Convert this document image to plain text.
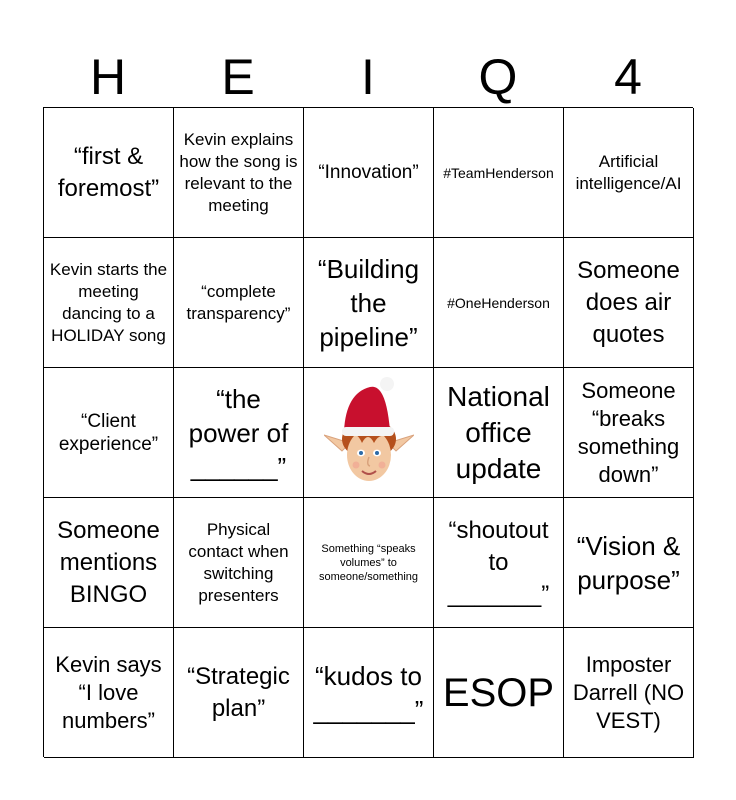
H	E	I	Q	4
“first & foremost”
Kevin explains how the song is relevant to the meeting
“Innovation” #TeamHenderson
Artificial intelligence/AI
Kevin starts the meeting dancing to a HOLIDAY song
“complete transparency”
“Building the pipeline”
#OneHenderson
Someone does air quotes
“Client experience”
“the power of ______”
National office update
Someone “breaks something down”
Someone mentions BINGO
Physical contact when switching presenters
Something “speaks volumes” to someone/something
“shoutout to _______”
“Vision & purpose”
Kevin says “I love numbers”
“Strategic plan”
“kudos to _______” ESOP
Imposter Darrell (NO VEST)
